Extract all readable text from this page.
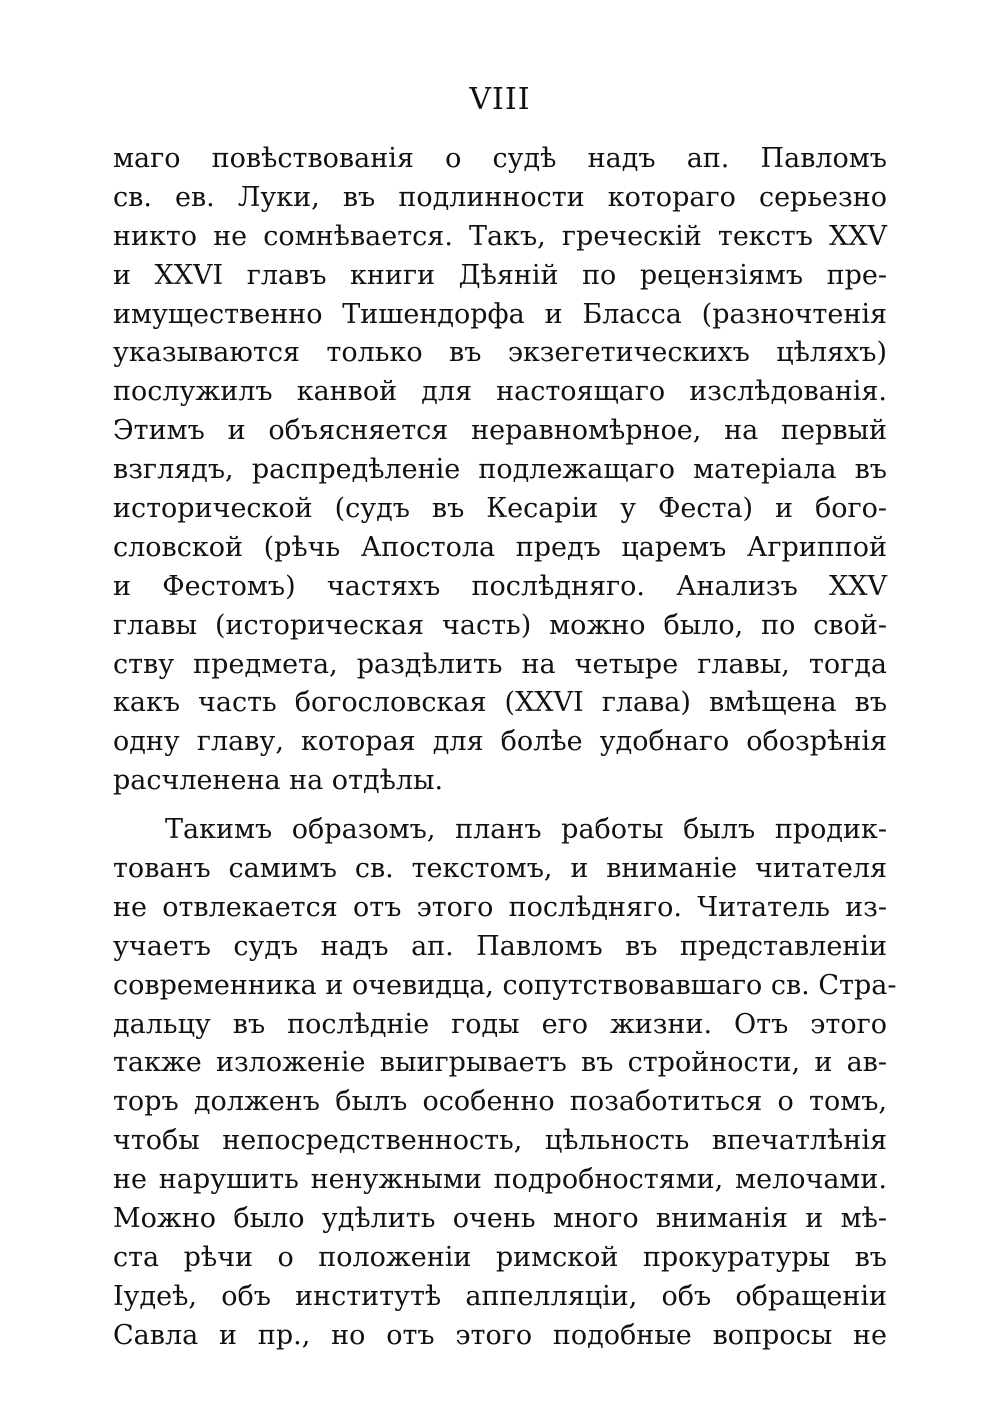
VIII
маго повѣствованія о судѣ надъ ап. Павломъ
св. ев. Луки, въ подлинности котораго серьезно
никто не сомнѣвается. Такъ, греческій текстъ XXV
и XXVI главъ книги Дѣяній по рецензіямъ пре-
имущественно Тишендорфа и Бласса (разночтенія
указываются только въ экзегетическихъ цѣляхъ)
послужилъ канвой для настоящаго изслѣдованія.
Этимъ и объясняется неравномѣрное, на первый
взглядъ, распредѣленіе подлежащаго матеріала въ
исторической (судъ въ Кесаріи у Феста) и бого-
словской (рѣчь Апостола предъ царемъ Агриппой
и Фестомъ) частяхъ послѣдняго. Анализъ XXV
главы (историческая часть) можно было, по свой-
ству предмета, раздѣлить на четыре главы, тогда
какъ часть богословская (XXVI глава) вмѣщена въ
одну главу, которая для болѣе удобнаго обозрѣнія
расчленена на отдѣлы.
Такимъ образомъ, планъ работы былъ продик-
тованъ самимъ св. текстомъ, и вниманіе читателя
не отвлекается отъ этого послѣдняго. Читатель из-
учаетъ судъ надъ ап. Павломъ въ представленіи
современника и очевидца, сопутствовавшаго св. Стра-
дальцу въ послѣдніе годы его жизни. Отъ этого
также изложеніе выигрываетъ въ стройности, и ав-
торъ долженъ былъ особенно позаботиться о томъ,
чтобы непосредственность, цѣльность впечатлѣнія
не нарушить ненужными подробностями, мелочами.
Можно было удѣлить очень много вниманія и мѣ-
ста рѣчи о положеніи римской прокуратуры въ
Іудеѣ, объ институтѣ аппелляціи, объ обращеніи
Савла и пр., но отъ этого подобные вопросы не
